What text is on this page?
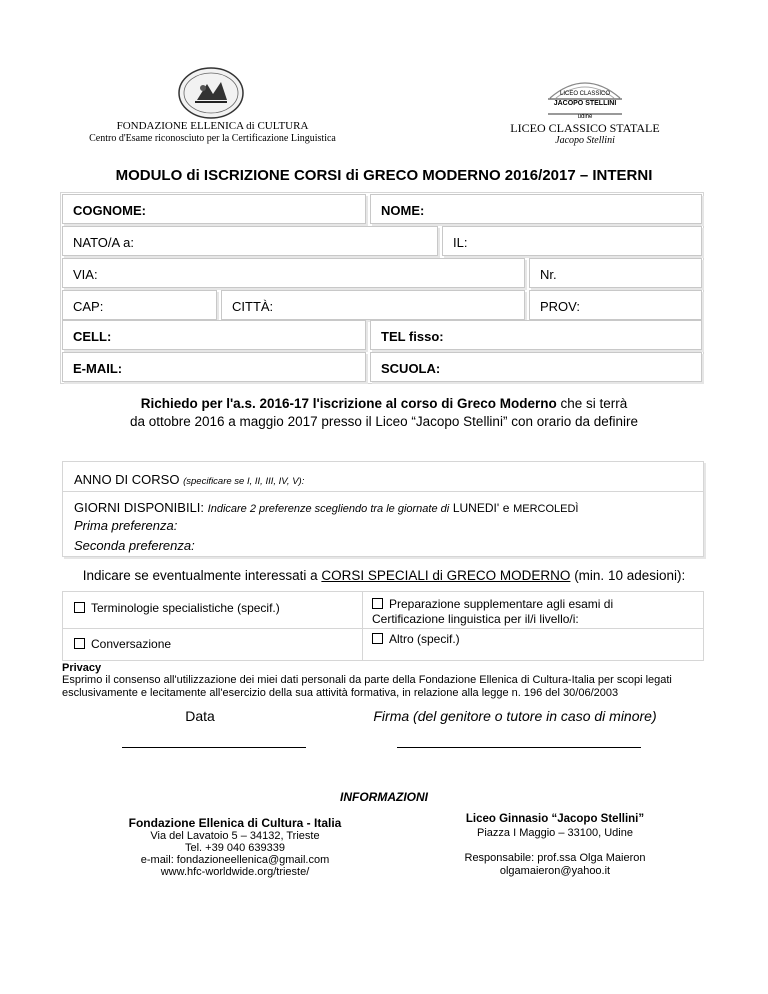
FONDAZIONE ELLENICA di CULTURA
Centro d'Esame riconosciuto per la Certificazione Linguistica
LICEO CLASSICO
JACOPO STELLINI
udine
LICEO CLASSICO STATALE
Jacopo Stellini
MODULO di ISCRIZIONE CORSI di GRECO MODERNO 2016/2017 – INTERNI
COGNOME:	NOME:
NATO/A a:	IL:
VIA:	Nr.
CAP:	CITTÀ:	PROV:
CELL:	TEL fisso:
E-MAIL:	SCUOLA:
Richiedo per l'a.s. 2016-17 l'iscrizione al corso di Greco Moderno che si terrà
da ottobre 2016 a maggio 2017 presso il Liceo “Jacopo Stellini” con orario da definire
ANNO DI CORSO (specificare se I, II, III, IV, V):
GIORNI DISPONIBILI: Indicare 2 preferenze scegliendo tra le giornate di LUNEDI' e MERCOLEDÌ
Prima preferenza:
Seconda preferenza:
Indicare se eventualmente interessati a CORSI SPECIALI di GRECO MODERNO (min. 10 adesioni):
Terminologie specialistiche (specif.)	Preparazione supplementare agli esami di
Certificazione linguistica per il/i livello/i:
Conversazione	Altro (specif.)
Privacy
Esprimo il consenso all'utilizzazione dei miei dati personali da parte della Fondazione Ellenica di Cultura-Italia per scopi legati
esclusivamente e lecitamente all'esercizio della sua attività formativa, in relazione alla legge n. 196 del 30/06/2003
Data	Firma (del genitore o tutore in caso di minore)
INFORMAZIONI
Fondazione Ellenica di Cultura - Italia
Via del Lavatoio 5 – 34132, Trieste
Tel. +39 040 639339
e-mail: fondazioneellenica@gmail.com
www.hfc-worldwide.org/trieste/
Liceo Ginnasio “Jacopo Stellini”
Piazza I Maggio – 33100, Udine
Responsabile: prof.ssa Olga Maieron
olgamaieron@yahoo.it
